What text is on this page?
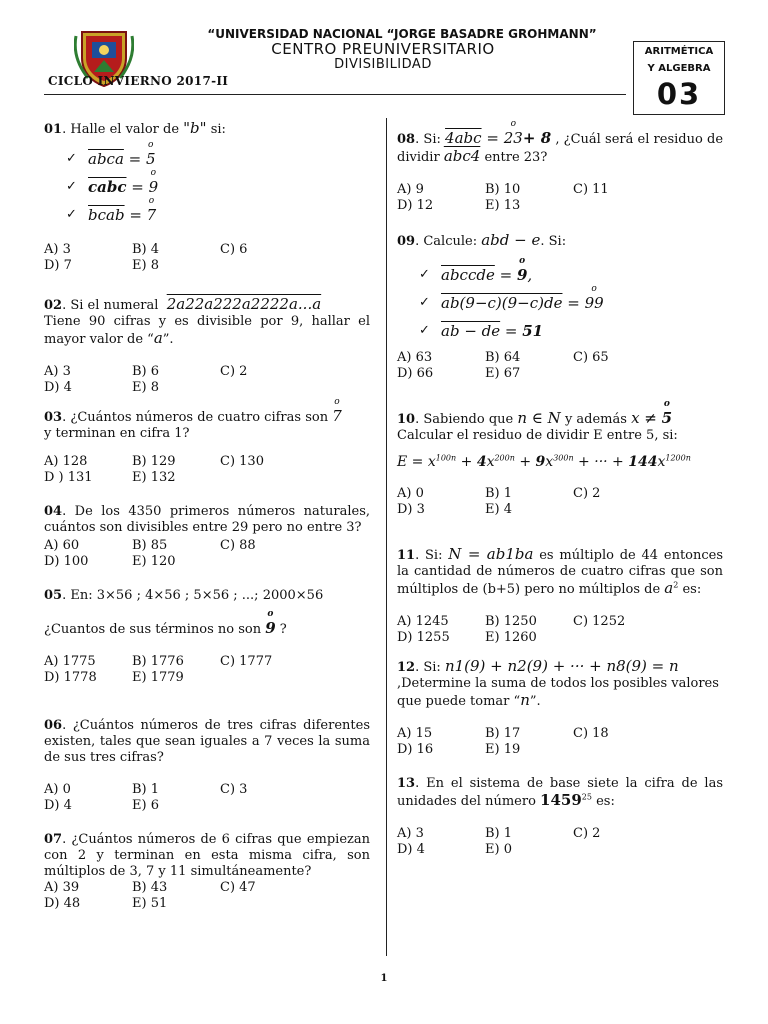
“UNIVERSIDAD NACIONAL “JORGE BASADRE GROHMANN”
CENTRO PREUNIVERSITARIO
DIVISIBILIDAD
CICLO INVIERNO 2017-II
ARITMÉTICA
Y ALGEBRA
03
01. Halle el valor de "b" si:
✓ abca = o 5
✓ cabc = o 9
✓ bcab = o 7
A) 3	B) 4	C) 6
D) 7	E) 8
02. Si el numeral  2a22a222a2222a...a
Tiene 90 cifras y es divisible por 9, hallar el mayor valor de “a”.
A) 3	B) 6	C) 2
D) 4	E) 8
03. ¿Cuántos números de cuatro cifras son o 7
y terminan en cifra 1?
A) 128	B) 129	C) 130
D ) 131	E) 132
04. De los 4350 primeros números naturales, cuántos son divisibles entre 29 pero no entre 3?
A) 60	B) 85	C) 88
D) 100	E) 120
05. En: 3×56 ; 4×56 ; 5×56 ; ...; 2000×56
¿Cuantos de sus términos no son o 9 ?
A) 1775	B) 1776	C) 1777
D) 1778	E) 1779
06. ¿Cuántos números de tres cifras diferentes existen, tales que sean iguales a 7 veces la suma de sus tres cifras?
A) 0	B) 1	C) 3
D) 4	E) 6
07. ¿Cuántos números de 6 cifras que empiezan con 2 y terminan en esta misma cifra, son múltiplos de 3, 7 y 11 simultáneamente?
A) 39	B) 43	C) 47
D) 48	E) 51
08. Si: 4abc = o 23+ 8 , ¿Cuál será el residuo de dividir abc4 entre 23?
A) 9	B) 10	C) 11
D) 12	E) 13
09. Calcule: abd − e. Si:
✓ abccde = o 9 ,
✓ ab(9−c)(9−c)de = o 99
✓ ab − de = 51
A) 63	B) 64	C) 65
D) 66	E) 67
10. Sabiendo que n ∈ N y además x ≠ o 5
Calcular el residuo de dividir E entre 5, si:
$E = x^{100n} + 4x^{200n} + 9x^{300n}$ + ··· + $144x^{1200n}$
A) 0	B) 1	C) 2
D) 3	E) 4
11. Si: N = ab1ba es múltiplo de 44 entonces la cantidad de números de cuatro cifras que son múltiplos de (b+5) pero no múltiplos de $a^2$ es:
A) 1245	B) 1250	C) 1252
D) 1255	E) 1260
12. Si: n1(9) + n2(9) + ··· + n8(9) = n
,Determine la suma de todos los posibles valores que puede tomar “n”.
A) 15	B) 17	C) 18
D) 16	E) 19
13. En el sistema de base siete la cifra de las unidades del número 1459$^{25}$ es:
A) 3	B) 1	C) 2
D) 4	E) 0
1
